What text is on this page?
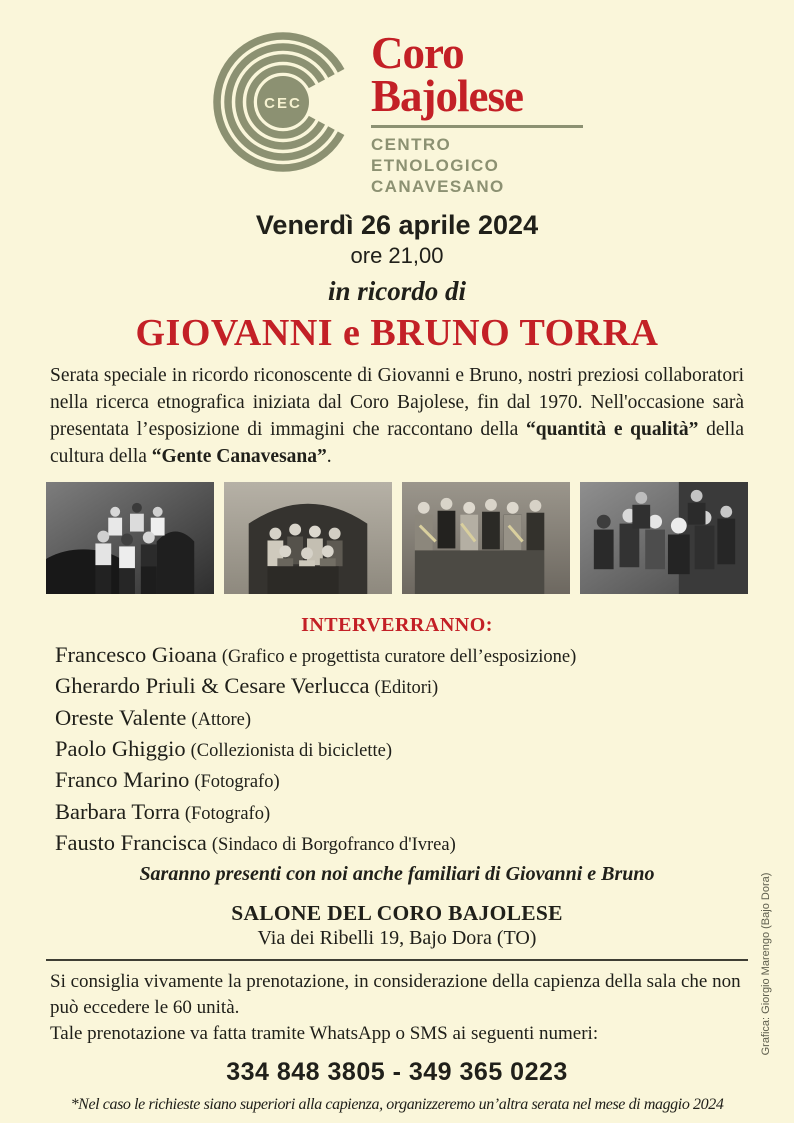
CEC
Coro
Bajolese
CENTRO
ETNOLOGICO
CANAVESANO
Venerdì 26 aprile 2024
ore 21,00
in ricordo di
GIOVANNI e BRUNO TORRA

Serata speciale in ricordo riconoscente di Giovanni e Bruno, nostri preziosi collaboratori nella ricerca etnografica iniziata dal Coro Bajolese, fin dal 1970. Nell'occasione sarà presentata l’esposizione di immagini che raccontano della “quantità e qualità” della cultura della “Gente Canavesana”.

INTERVERRANNO:
Francesco Gioana (Grafico e progettista curatore dell’esposizione)
Gherardo Priuli & Cesare Verlucca (Editori)
Oreste Valente (Attore)
Paolo Ghiggio (Collezionista di biciclette)
Franco Marino (Fotografo)
Barbara Torra (Fotografo)
Fausto Francisca (Sindaco di Borgofranco d'Ivrea)
Saranno presenti con noi anche familiari di Giovanni e Bruno
SALONE DEL CORO BAJOLESE
Via dei Ribelli 19, Bajo Dora (TO)

Si consiglia vivamente la prenotazione, in considerazione della capienza della sala che non può eccedere le 60 unità.

Tale prenotazione va fatta tramite WhatsApp o SMS ai seguenti numeri:

334 848 3805 - 349 365 0223
*Nel caso le richieste siano superiori alla capienza, organizzeremo un’altra serata nel mese di maggio 2024
Grafica: Giorgio Marengo (Bajo Dora)
